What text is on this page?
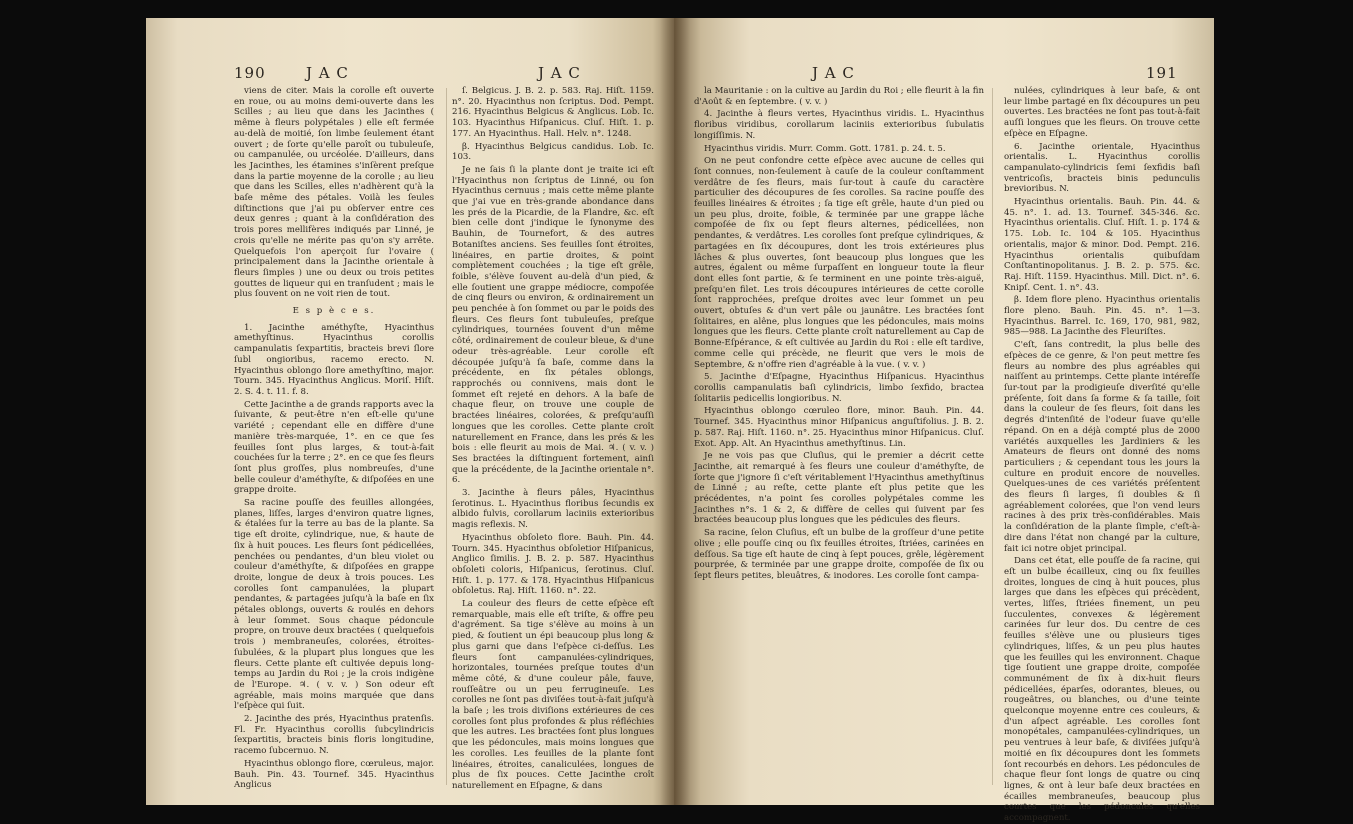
190	J A C	J A C

viens de citer. Mais la corolle eſt ouverte en roue, ou au moins demi-ouverte dans les Scilles ; au lieu que dans les Jacinthes ( même à fleurs polypétales ) elle eſt fermée au-delà de moitié, ſon limbe ſeulement étant ouvert ; de ſorte qu'elle paroît ou tubuleuſe, ou campanulée, ou urcéolée. D'ailleurs, dans les Jacinthes, les étamines s'inſèrent preſque dans la partie moyenne de la corolle ; au lieu que dans les Scilles, elles n'adhèrent qu'à la baſe même des pétales. Voilà les ſeules diſtinctions que j'ai pu obſerver entre ces deux genres ; quant à la conſidération des trois pores mellifères indiqués par Linné, je crois qu'elle ne mérite pas qu'on s'y arrête. Quelquefois l'on aperçoit ſur l'ovaire ( principalement dans la Jacinthe orientale à fleurs ſimples ) une ou deux ou trois petites gouttes de liqueur qui en tranſudent ; mais le plus ſouvent on ne voit rien de tout.

E s p è c e s.

1. Jacinthe améthyſte, Hyacinthus amethyſtinus. Hyacinthus corollis campanulatis ſexpartitis, bracteis brevi ſlore ſubl ongioribus, racemo erecto. N. Hyacinthus oblongo ſlore amethyſtino, major. Tourn. 345. Hyacinthus Anglicus. Moriſ. Hiſt. 2. S. 4. t. 11. f. 8.

Cette Jacinthe a de grands rapports avec la ſuivante, & peut-être n'en eſt-elle qu'une variété ; cependant elle en diffère d'une manière très-marquée, 1°. en ce que ſes feuilles ſont plus larges, & tout-à-fait couchées ſur la terre ; 2°. en ce que ſes fleurs ſont plus groſſes, plus nombreuſes, d'une belle couleur d'améthyſte, & diſpoſées en une grappe droite.

Sa racine pouſſe des feuilles allongées, planes, liſſes, larges d'environ quatre lignes, & étalées ſur la terre au bas de la plante. Sa tige eſt droite, cylindrique, nue, & haute de ſix à huit pouces. Les fleurs ſont pédicellées, penchées ou pendantes, d'un bleu violet ou couleur d'améthyſte, & diſpoſées en grappe droite, longue de deux à trois pouces. Les corolles ſont campanulées, la plupart pendantes, & partagées juſqu'à la baſe en ſix pétales oblongs, ouverts & roulés en dehors à leur ſommet. Sous chaque pédoncule propre, on trouve deux bractées ( quelquefois trois ) membraneuſes, colorées, étroites-ſubulées, & la plupart plus longues que les fleurs. Cette plante eſt cultivée depuis long-temps au Jardin du Roi ; je la crois indigène de l'Europe. ♃. ( v. v. ) Son odeur eſt agréable, mais moins marquée que dans l'eſpèce qui ſuit.

2. Jacinthe des prés, Hyacinthus pratenſis. Fl. Fr. Hyacinthus corollis ſubcylindricis ſexpartitis, bracteis binis floris longitudine, racemo ſubcernuo. N.

Hyacinthus oblongo flore, cœruleus, major. Bauh. Pin. 43. Tournef. 345. Hyacinthus Anglicus

ſ. Belgicus. J. B. 2. p. 583. Raj. Hiſt. 1159. n°. 20. Hyacinthus non ſcriptus. Dod. Pempt. 216. Hyacinthus Belgicus & Anglicus. Lob. Ic. 103. Hyacinthus Hiſpanicus. Cluſ. Hiſt. 1. p. 177. An Hyacinthus. Hall. Helv. n°. 1248.

β. Hyacinthus Belgicus candidus. Lob. Ic. 103.

Je ne ſais ſi la plante dont je traite ici eſt l'Hyacinthus non ſcriptus de Linné, ou ſon Hyacinthus cernuus ; mais cette même plante que j'ai vue en très-grande abondance dans les prés de la Picardie, de la Flandre, &c. eſt bien celle dont j'indique le ſynonyme des Bauhin, de Tournefort, & des autres Botaniſtes anciens. Ses feuilles ſont étroites, linéaires, en partie droites, & point complètement couchées ; la tige eſt grêle, foible, s'élève ſouvent au-delà d'un pied, & elle ſoutient une grappe médiocre, compoſée de cinq fleurs ou environ, & ordinairement un peu penchée à ſon ſommet ou par le poids des fleurs. Ces fleurs ſont tubuleuſes, preſque cylindriques, tournées ſouvent d'un même côté, ordinairement de couleur bleue, & d'une odeur très-agréable. Leur corolle eſt découpée juſqu'à ſa baſe, comme dans la précédente, en ſix pétales oblongs, rapprochés ou connivens, mais dont le ſommet eſt rejeté en dehors. A la baſe de chaque fleur, on trouve une couple de bractées linéaires, colorées, & preſqu'auſſi longues que les corolles. Cette plante croît naturellement en France, dans les prés & les bois : elle fleurit au mois de Mai. ♃. ( v. v. ) Ses bractées la diſtinguent fortement, ainſi que la précédente, de la Jacinthe orientale n°. 6.

3. Jacinthe à fleurs pâles, Hyacinthus ſerotinus. L. Hyacinthus floribus ſecundis ex albido fulvis, corollarum laciniis exterioribus magis reflexis. N.

Hyacinthus obſoleto flore. Bauh. Pin. 44. Tourn. 345. Hyacinthus obſoletior Hiſpanicus, Anglico ſimilis. J. B. 2. p. 587. Hyacinthus obſoleti coloris, Hiſpanicus, ſerotinus. Cluſ. Hiſt. 1. p. 177. & 178. Hyacinthus Hiſpanicus obſoletus. Raj. Hiſt. 1160. n°. 22.

La couleur des fleurs de cette eſpèce eſt remarquable, mais elle eſt triſte, & offre peu d'agrément. Sa tige s'élève au moins à un pied, & ſoutient un épi beaucoup plus long & plus garni que dans l'eſpèce ci-deſſus. Les fleurs ſont campanulées-cylindriques, horizontales, tournées preſque toutes d'un même côté, & d'une couleur pâle, fauve, rouſſeâtre ou un peu ferrugineuſe. Les corolles ne ſont pas diviſées tout-à-fait juſqu'à la baſe ; les trois diviſions extérieures de ces corolles ſont plus profondes & plus réfléchies que les autres. Les bractées ſont plus longues que les pédoncules, mais moins longues que les corolles. Les feuilles de la plante ſont linéaires, étroites, canaliculées, longues de plus de ſix pouces. Cette Jacinthe croît naturellement en Eſpagne, & dans

J A C	191

la Mauritanie : on la cultive au Jardin du Roi ; elle fleurit à la fin d'Août & en ſeptembre. ( v. v. )

4. Jacinthe à fleurs vertes, Hyacinthus viridis. L. Hyacinthus floribus viridibus, corollarum laciniis exterioribus ſubulatis longiſſimis. N.

Hyacinthus viridis. Murr. Comm. Gott. 1781. p. 24. t. 5.

On ne peut confondre cette eſpèce avec aucune de celles qui ſont connues, non-ſeulement à cauſe de la couleur conſtamment verdâtre de ſes fleurs, mais ſur-tout à cauſe du caractère particulier des découpures de ſes corolles. Sa racine pouſſe des feuilles linéaires & étroites ; ſa tige eſt grêle, haute d'un pied ou un peu plus, droite, foible, & terminée par une grappe lâche compoſée de ſix ou ſept fleurs alternes, pédicellées, non pendantes, & verdâtres. Les corolles ſont preſque cylindriques, & partagées en ſix découpures, dont les trois extérieures plus lâches & plus ouvertes, ſont beaucoup plus longues que les autres, égalent ou même ſurpaſſent en longueur toute la fleur dont elles ſont partie, & ſe terminent en une pointe très-aiguë, preſqu'en filet. Les trois découpures intérieures de cette corolle ſont rapprochées, preſque droites avec leur ſommet un peu ouvert, obtuſes & d'un vert pâle ou jaunâtre. Les bractées ſont ſolitaires, en alêne, plus longues que les pédoncules, mais moins longues que les fleurs. Cette plante croît naturellement au Cap de Bonne-Eſpérance, & eſt cultivée au Jardin du Roi : elle eſt tardive, comme celle qui précède, ne fleurit que vers le mois de Septembre, & n'offre rien d'agréable à la vue. ( v. v. )

5. Jacinthe d'Eſpagne, Hyacinthus Hiſpanicus. Hyacinthus corollis campanulatis baſi cylindricis, limbo ſexfido, bractea ſolitariis pedicellis longioribus. N.

Hyacinthus oblongo cœruleo flore, minor. Bauh. Pin. 44. Tournef. 345. Hyacinthus minor Hiſpanicus anguſtifolius. J. B. 2. p. 587. Raj. Hiſt. 1160. n°. 25. Hyacinthus minor Hiſpanicus. Cluſ. Exot. App. Alt. An Hyacinthus amethyſtinus. Lin.

Je ne vois pas que Cluſius, qui le premier a décrit cette Jacinthe, ait remarqué à ſes fleurs une couleur d'améthyſte, de ſorte que j'ignore ſi c'eſt véritablement l'Hyacinthus amethyſtinus de Linné ; au reſte, cette plante eſt plus petite que les précédentes, n'a point ſes corolles polypétales comme les Jacinthes n°s. 1 & 2, & diffère de celles qui ſuivent par ſes bractées beaucoup plus longues que les pédicules des fleurs.

Sa racine, ſelon Cluſius, eſt un bulbe de la groſſeur d'une petite olive ; elle pouſſe cinq ou ſix feuilles étroites, ſtriées, carinées en deſſous. Sa tige eſt haute de cinq à ſept pouces, grêle, légèrement pourprée, & terminée par une grappe droite, compoſée de ſix ou ſept fleurs petites, bleuâtres, & inodores. Les corolle ſont campa-

nulées, cylindriques à leur baſe, & ont leur limbe partagé en ſix découpures un peu ouvertes. Les bractées ne ſont pas tout-à-fait auſſi longues que les fleurs. On trouve cette eſpèce en Eſpagne.

6. Jacinthe orientale, Hyacinthus orientalis. L. Hyacinthus corollis campanulato-cylindricis ſemi ſexfidis baſi ventricoſis, bracteis binis pedunculis brevioribus. N.

Hyacinthus orientalis. Bauh. Pin. 44. & 45. n°. 1. ad. 13. Tournef. 345-346. &c. Hyacinthus orientalis. Cluſ. Hiſt. 1. p. 174 & 175. Lob. Ic. 104 & 105. Hyacinthus orientalis, major & minor. Dod. Pempt. 216. Hyacinthus orientalis quibuſdam Conſtantinopolitanus. J. B. 2. p. 575. &c. Raj. Hiſt. 1159. Hyacinthus. Mill. Dict. n°. 6. Knipſ. Cent. 1. n°. 43.

β. Idem flore pleno. Hyacinthus orientalis flore pleno. Bauh. Pin. 45. n°. 1—3. Hyacinthus. Barrel. Ic. 169, 170, 981, 982, 985—988. La Jacinthe des Fleuriſtes.

C'eſt, ſans contredit, la plus belle des eſpèces de ce genre, & l'on peut mettre ſes fleurs au nombre des plus agréables qui naiſſent au printemps. Cette plante intéreſſe ſur-tout par la prodigieuſe diverſité qu'elle préſente, ſoit dans ſa forme & ſa taille, ſoit dans la couleur de ſes fleurs, ſoit dans les degrés d'intenſité de l'odeur ſuave qu'elle répand. On en a déjà compté plus de 2000 variétés auxquelles les Jardiniers & les Amateurs de fleurs ont donné des noms particuliers ; & cependant tous les jours la culture en produit encore de nouvelles. Quelques-unes de ces variétés préſentent des fleurs ſi larges, ſi doubles & ſi agréablement colorées, que l'on vend leurs racines à des prix très-conſidérables. Mais la conſidération de la plante ſimple, c'eſt-à-dire dans l'état non changé par la culture, fait ici notre objet principal.

Dans cet état, elle pouſſe de ſa racine, qui eſt un bulbe écailleux, cinq ou ſix feuilles droites, longues de cinq à huit pouces, plus larges que dans les eſpèces qui précèdent, vertes, liſſes, ſtriées finement, un peu ſucculentes, convexes & légèrement carinées ſur leur dos. Du centre de ces feuilles s'élève une ou plusieurs tiges cylindriques, liſſes, & un peu plus hautes que les feuilles qui les environnent. Chaque tige ſoutient une grappe droite, compoſée communément de ſix à dix-huit fleurs pédicellées, éparſes, odorantes, bleues, ou rougeâtres, ou blanches, ou d'une teinte quelconque moyenne entre ces couleurs, & d'un aſpect agréable. Les corolles ſont monopétales, campanulées-cylindriques, un peu ventrues à leur baſe, & diviſées juſqu'à moitié en ſix découpures dont les ſommets ſont recourbés en dehors. Les pédoncules de chaque fleur ſont longs de quatre ou cinq lignes, & ont à leur baſe deux bractées en écailles membraneuſes, beaucoup plus courtes que les pédoncules qu'elles accompagnent.
